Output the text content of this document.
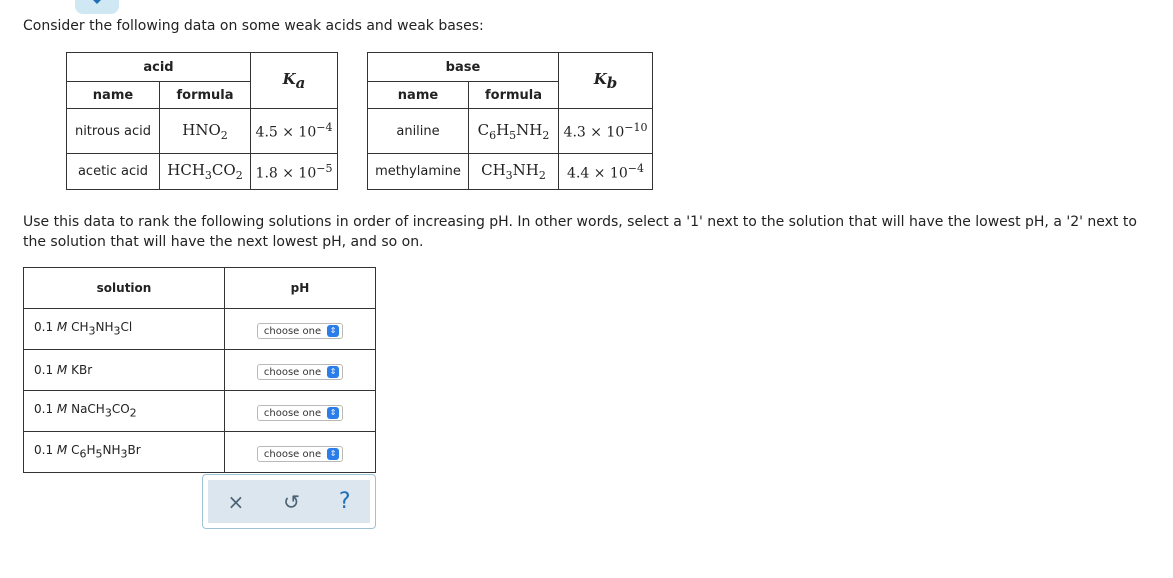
Consider the following data on some weak acids and weak bases:
acid		$K_a$
name	formula	
nitrous acid	$HNO_2$	$4.5 \times 10^{-4}$
acetic acid	$HCH_3CO_2$	$1.8 \times 10^{-5}$
base		$K_b$
name	formula	
aniline	$C_6H_5NH_2$	$4.3 \times 10^{-10}$
methylamine	$CH_3NH_2$	$4.4 \times 10^{-4}$
Use this data to rank the following solutions in order of increasing pH. In other words, select a '1' next to the solution that will have the lowest pH, a '2' next to the solution that will have the next lowest pH, and so on.
solution	pH
0.1 M $CH_3NH_3Cl$	choose one ⇕

0.1 M KBr	choose one ⇕

0.1 M $NaCH_3CO_2$	choose one ⇕

0.1 M $C_6H_5NH_3Br$	choose one ⇕
× ↺ ?
